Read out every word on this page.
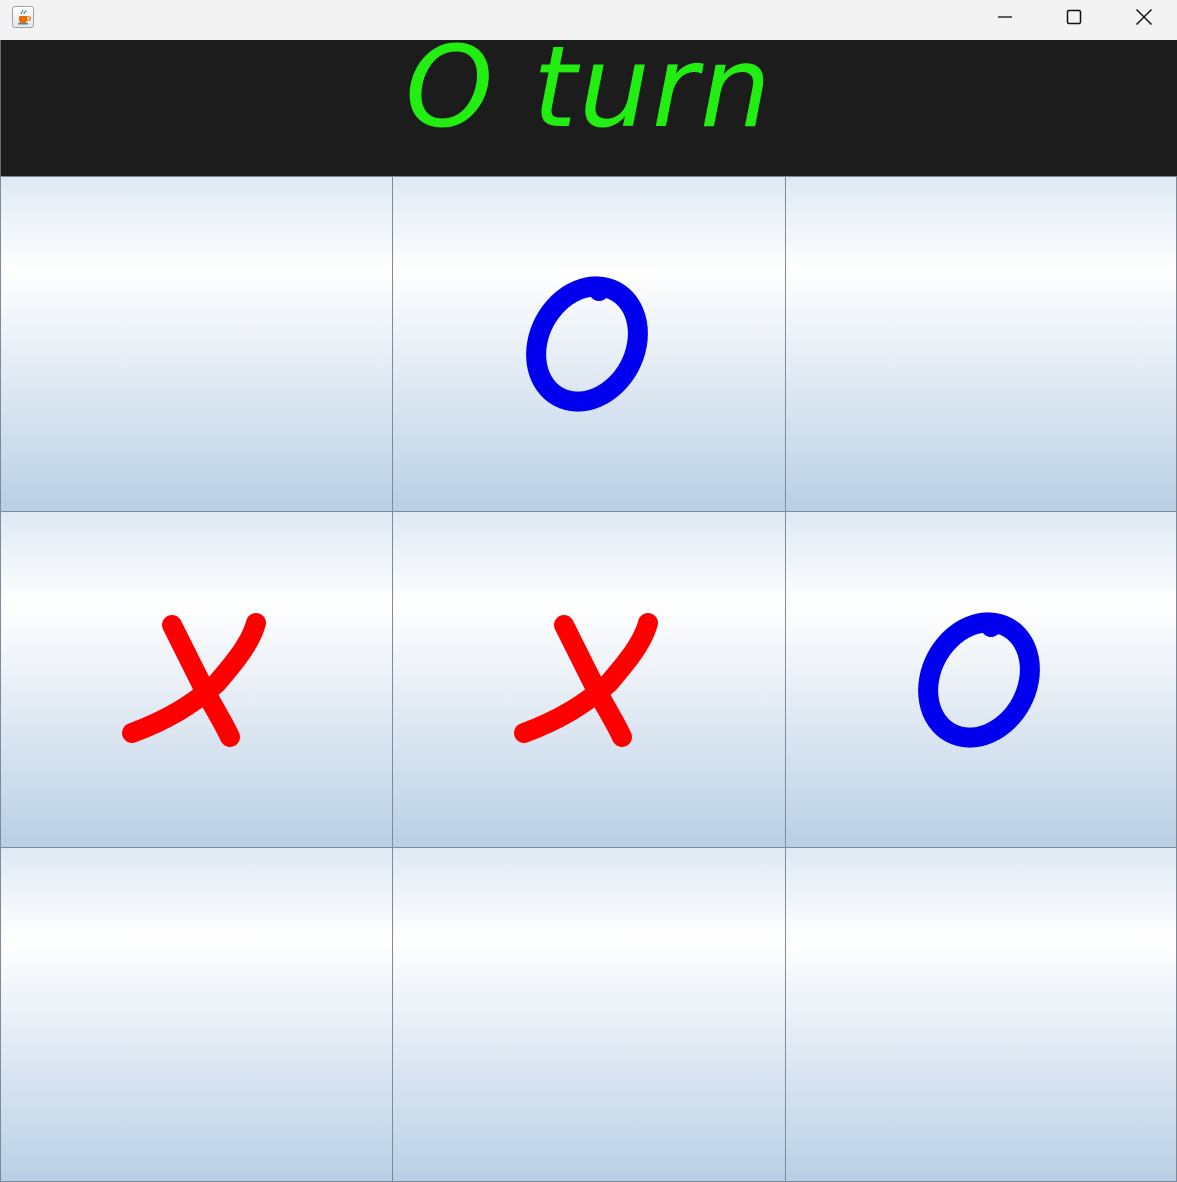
O turn
